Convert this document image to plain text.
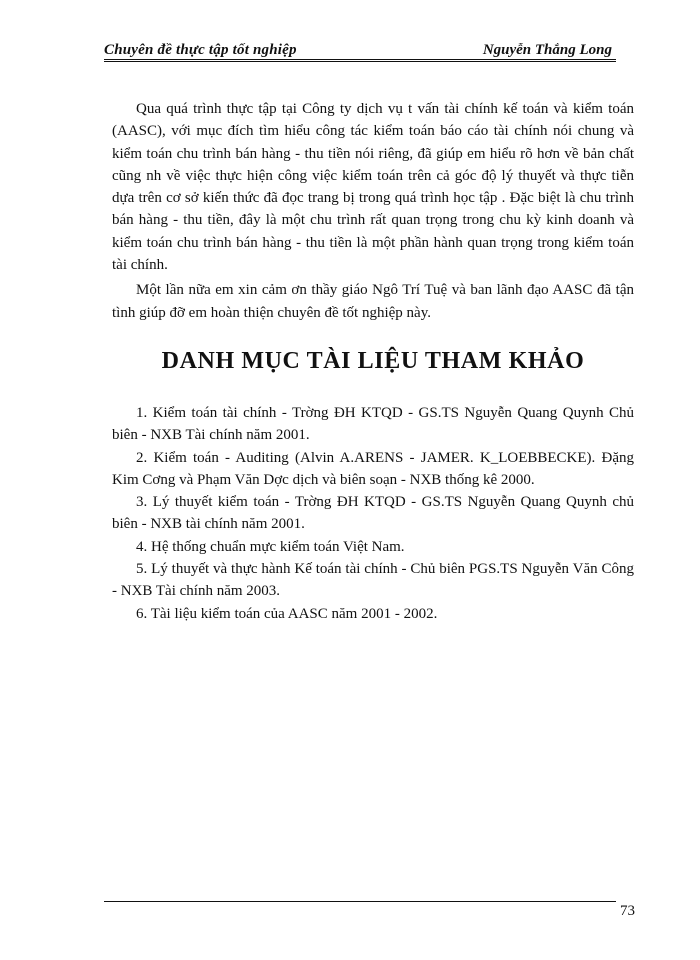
Chuyên đề thực tập tốt nghiệp	Nguyễn Thắng Long

Qua quá trình thực tập tại Công ty dịch vụ t vấn tài chính kế toán và kiểm toán (AASC), với mục đích tìm hiểu công tác kiểm toán báo cáo tài chính nói chung và kiểm toán chu trình bán hàng - thu tiền nói riêng, đã giúp em hiểu rõ hơn về bản chất cũng nh về việc thực hiện công việc kiểm toán trên cả góc độ lý thuyết và thực tiễn dựa trên cơ sở kiến thức đã đọc trang bị trong quá trình học tập . Đặc biệt là chu trình bán hàng - thu tiền, đây là một chu trình rất quan trọng trong chu kỳ kinh doanh và kiểm toán chu trình bán hàng - thu tiền là một phần hành quan trọng trong kiểm toán tài chính.

Một lần nữa em xin cảm ơn thầy giáo Ngô Trí Tuệ và ban lãnh đạo AASC đã tận tình giúp đỡ em hoàn thiện chuyên đề tốt nghiệp này.

DANH MỤC TÀI LIỆU THAM KHẢO
1. Kiểm toán tài chính - Trờng ĐH KTQD - GS.TS Nguyễn Quang Quynh Chủ biên - NXB Tài chính năm 2001.
2. Kiểm toán - Auditing (Alvin A.ARENS - JAMER. K_LOEBBECKE). Đặng Kim Cơng và Phạm Văn Dợc dịch và biên soạn - NXB thống kê 2000.
3. Lý thuyết kiểm toán - Trờng ĐH KTQD - GS.TS Nguyễn Quang Quynh chủ biên - NXB tài chính năm 2001.
4. Hệ thống chuẩn mực kiểm toán Việt Nam.
5. Lý thuyết và thực hành Kế toán tài chính - Chủ biên PGS.TS Nguyễn Văn Công - NXB Tài chính năm 2003.
6. Tài liệu kiểm toán của AASC năm 2001 - 2002.
73
